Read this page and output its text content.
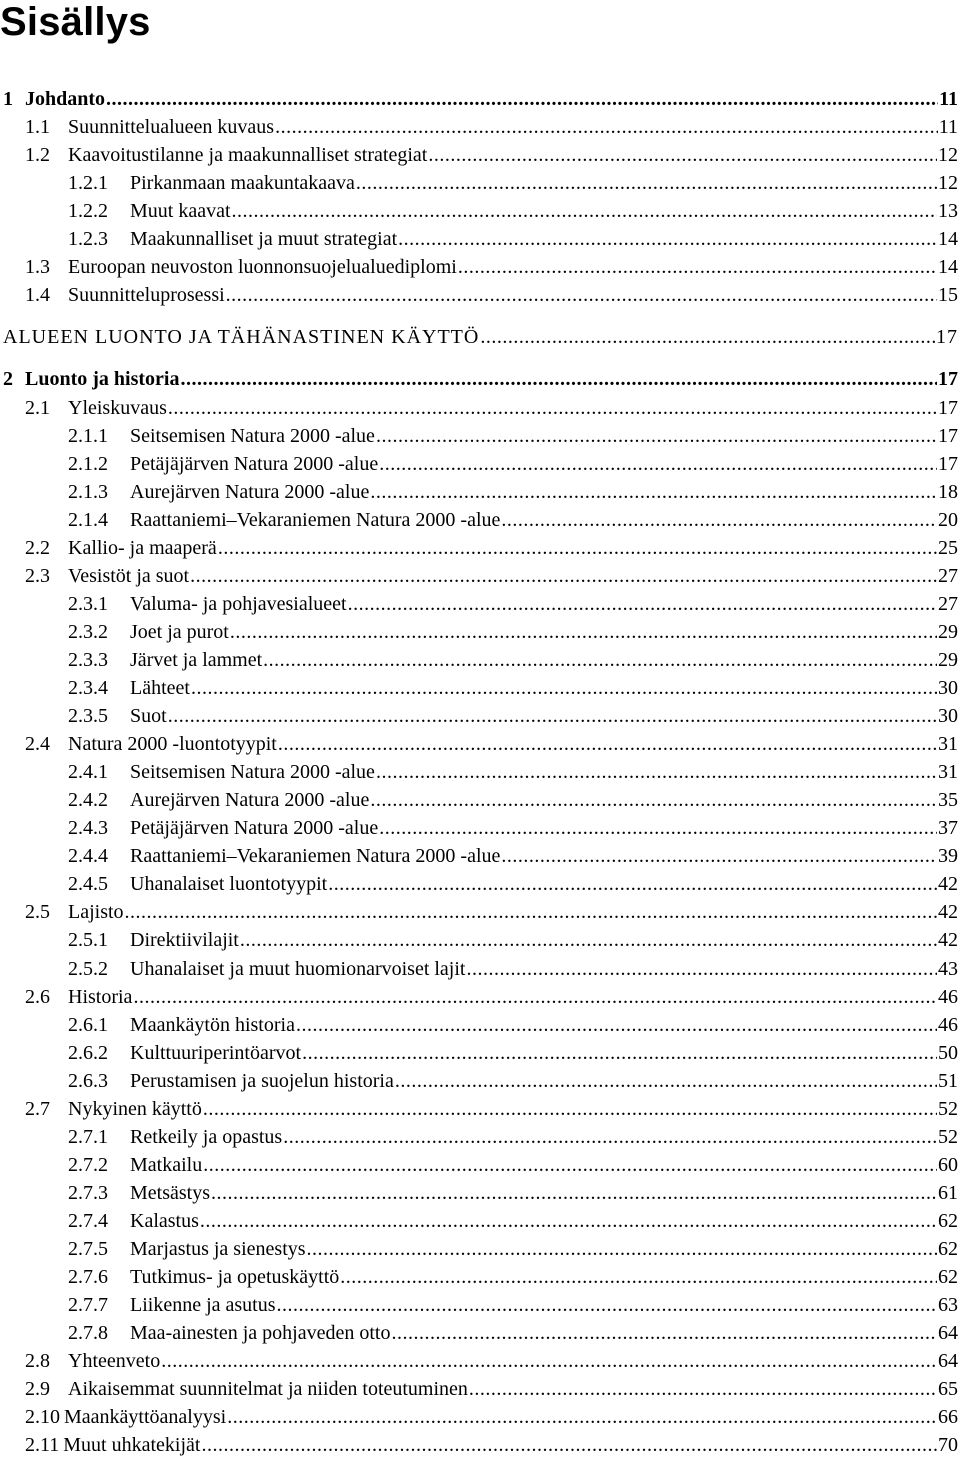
Sisällys
1 Johdanto .....	11
1.1 Suunnittelualueen kuvaus .....	11
1.2 Kaavoitustilanne ja maakunnalliset strategiat .....	12
1.2.1	Pirkanmaan maakuntakaava .....	12
1.2.2	Muut kaavat .....	13
1.2.3	Maakunnalliset ja muut strategiat .....	14
1.3 Euroopan neuvoston luonnonsuojelualuediplomi .....	14
1.4 Suunnitteluprosessi .....	15
ALUEEN LUONTO JA TÄHÄNASTINEN KÄYTTÖ .....	17
2 Luonto ja historia .....	17
2.1 Yleiskuvaus .....	17
2.1.1	Seitsemisen Natura 2000 -alue .....	17
2.1.2	Petäjäjärven Natura 2000 -alue .....	17
2.1.3	Aurejärven Natura 2000 -alue .....	18
2.1.4	Raattaniemi–Vekaraniemen Natura 2000 -alue .....	20
2.2 Kallio- ja maaperä .....	25
2.3 Vesistöt ja suot .....	27
2.3.1	Valuma- ja pohjavesialueet .....	27
2.3.2	Joet ja purot .....	29
2.3.3	Järvet ja lammet .....	29
2.3.4	Lähteet .....	30
2.3.5	Suot .....	30
2.4 Natura 2000 -luontotyypit .....	31
2.4.1	Seitsemisen Natura 2000 -alue .....	31
2.4.2	Aurejärven Natura 2000 -alue .....	35
2.4.3	Petäjäjärven Natura 2000 -alue .....	37
2.4.4	Raattaniemi–Vekaraniemen Natura 2000 -alue .....	39
2.4.5	Uhanalaiset luontotyypit .....	42
2.5 Lajisto .....	42
2.5.1	Direktiivilajit .....	42
2.5.2	Uhanalaiset ja muut huomionarvoiset lajit .....	43
2.6 Historia .....	46
2.6.1	Maankäytön historia .....	46
2.6.2	Kulttuuriperintöarvot .....	50
2.6.3	Perustamisen ja suojelun historia .....	51
2.7 Nykyinen käyttö .....	52
2.7.1	Retkeily ja opastus .....	52
2.7.2	Matkailu .....	60
2.7.3	Metsästys .....	61
2.7.4	Kalastus .....	62
2.7.5	Marjastus ja sienestys .....	62
2.7.6	Tutkimus- ja opetuskäyttö .....	62
2.7.7	Liikenne ja asutus .....	63
2.7.8	Maa-ainesten ja pohjaveden otto .....	64
2.8 Yhteenveto .....	64
2.9 Aikaisemmat suunnitelmat ja niiden toteutuminen .....	65
2.10 Maankäyttöanalyysi .....	66
2.11 Muut uhkatekijät .....	70
